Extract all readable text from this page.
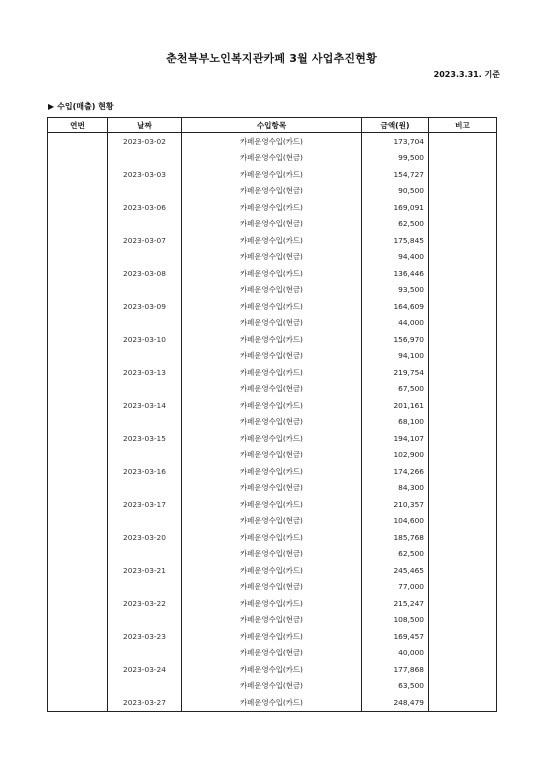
춘천북부노인복지관카페 3월 사업추진현황
2023.3.31. 기준
▶ 수입(매출) 현황
연번	날짜	수입항목	금액(원)	비고
	2023-03-02	카페운영수입(카드)	173,704	
		카페운영수입(현금)	99,500	
	2023-03-03	카페운영수입(카드)	154,727	
		카페운영수입(현금)	90,500	
	2023-03-06	카페운영수입(카드)	169,091	
		카페운영수입(현금)	62,500	
	2023-03-07	카페운영수입(카드)	175,845	
		카페운영수입(현금)	94,400	
	2023-03-08	카페운영수입(카드)	136,446	
		카페운영수입(현금)	93,500	
	2023-03-09	카페운영수입(카드)	164,609	
		카페운영수입(현금)	44,000	
	2023-03-10	카페운영수입(카드)	156,970	
		카페운영수입(현금)	94,100	
	2023-03-13	카페운영수입(카드)	219,754	
		카페운영수입(현금)	67,500	
	2023-03-14	카페운영수입(카드)	201,161	
		카페운영수입(현금)	68,100	
	2023-03-15	카페운영수입(카드)	194,107	
		카페운영수입(현금)	102,900	
	2023-03-16	카페운영수입(카드)	174,266	
		카페운영수입(현금)	84,300	
	2023-03-17	카페운영수입(카드)	210,357	
		카페운영수입(현금)	104,600	
	2023-03-20	카페운영수입(카드)	185,768	
		카페운영수입(현금)	62,500	
	2023-03-21	카페운영수입(카드)	245,465	
		카페운영수입(현금)	77,000	
	2023-03-22	카페운영수입(카드)	215,247	
		카페운영수입(현금)	108,500	
	2023-03-23	카페운영수입(카드)	169,457	
		카페운영수입(현금)	40,000	
	2023-03-24	카페운영수입(카드)	177,868	
		카페운영수입(현금)	63,500	
	2023-03-27	카페운영수입(카드)	248,479	
